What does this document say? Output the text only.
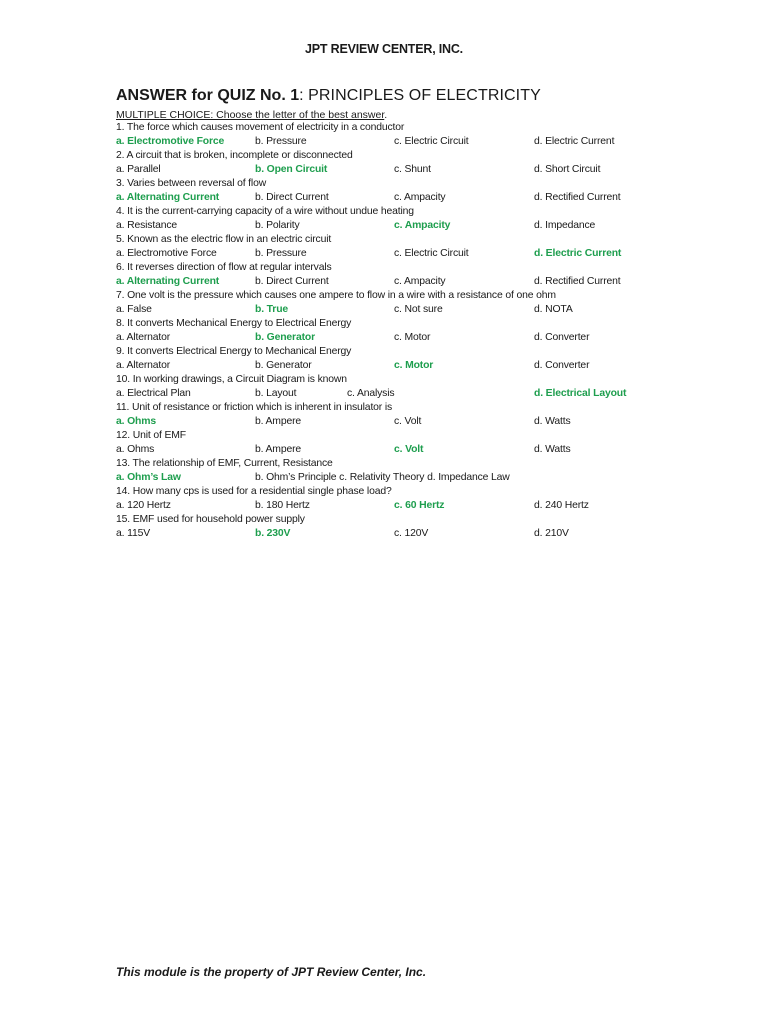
JPT REVIEW CENTER, INC.
ANSWER for QUIZ No. 1: PRINCIPLES OF ELECTRICITY
MULTIPLE CHOICE: Choose the letter of the best answer.
1. The force which causes movement of electricity in a conductor
a. Electromotive Force	b. Pressure	c. Electric Circuit	d. Electric Current
2. A circuit that is broken, incomplete or disconnected
a. Parallel	b. Open Circuit	c. Shunt	d. Short Circuit
3. Varies between reversal of flow
a. Alternating Current	b. Direct Current	c. Ampacity	d. Rectified Current
4. It is the current-carrying capacity of a wire without undue heating
a. Resistance	b. Polarity	c. Ampacity	d. Impedance
5. Known as the electric flow in an electric circuit
a. Electromotive Force	b. Pressure	c. Electric Circuit	d. Electric Current
6. It reverses direction of flow at regular intervals
a. Alternating Current	b. Direct Current	c. Ampacity	d. Rectified Current
7. One volt is the pressure which causes one ampere to flow in a wire with a resistance of one ohm
a. False	b. True	c. Not sure	d. NOTA
8. It converts Mechanical Energy to Electrical Energy
a. Alternator	b. Generator	c. Motor	d. Converter
9. It converts Electrical Energy to Mechanical Energy
a. Alternator	b. Generator	c. Motor	d. Converter
10. In working drawings, a Circuit Diagram is known
a. Electrical Plan	b. Layout	c. Analysis	d. Electrical Layout
11. Unit of resistance or friction which is inherent in insulator is
a. Ohms	b. Ampere	c. Volt	d. Watts
12. Unit of EMF
a. Ohms	b. Ampere	c. Volt	d. Watts
13. The relationship of EMF, Current, Resistance
a. Ohm’s Law	b. Ohm’s Principle c. Relativity Theory d. Impedance Law
14. How many cps is used for a residential single phase load?
a. 120 Hertz	b. 180 Hertz	c. 60 Hertz	d. 240 Hertz
15. EMF used for household power supply
a. 115V	b. 230V	c. 120V	d. 210V
This module is the property of JPT Review Center, Inc.
